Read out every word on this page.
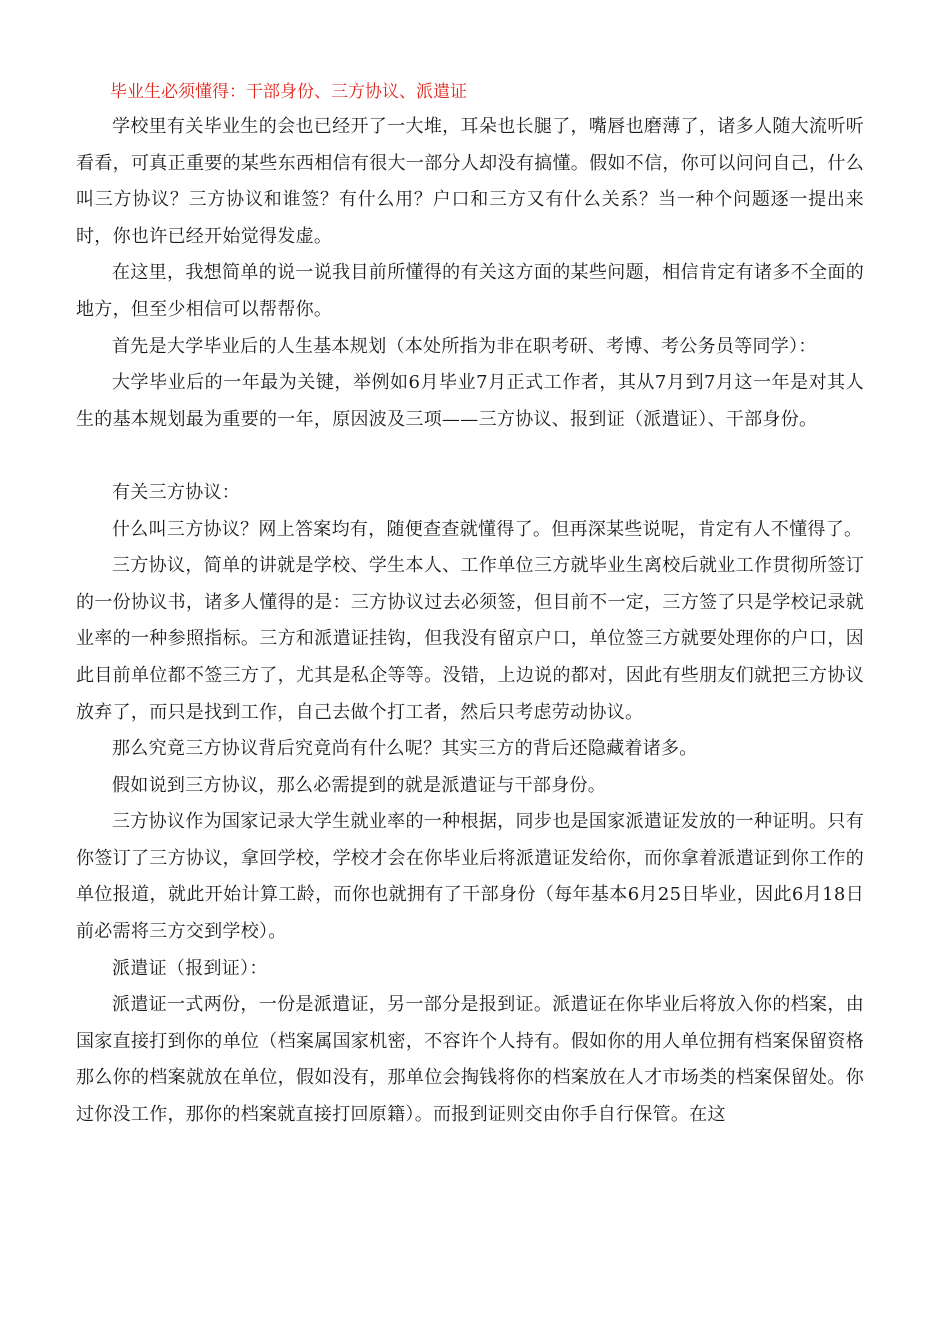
毕业生必须懂得：干部身份、三方协议、派遣证

学校里有关毕业生的会也已经开了一大堆，耳朵也长腿了，嘴唇也磨薄了，诸多人随大流听听看看，可真正重要的某些东西相信有很大一部分人却没有搞懂。假如不信，你可以问问自己，什么叫三方协议？三方协议和谁签？有什么用？户口和三方又有什么关系？当一种个问题逐一提出来时，你也许已经开始觉得发虚。

在这里，我想简单的说一说我目前所懂得的有关这方面的某些问题，相信肯定有诸多不全面的地方，但至少相信可以帮帮你。

首先是大学毕业后的人生基本规划（本处所指为非在职考研、考博、考公务员等同学）：

大学毕业后的一年最为关键，举例如6月毕业7月正式工作者，其从7月到7月这一年是对其人生的基本规划最为重要的一年，原因波及三项——三方协议、报到证（派遣证）、干部身份。

有关三方协议：

什么叫三方协议？网上答案均有，随便查查就懂得了。但再深某些说呢，肯定有人不懂得了。

三方协议，简单的讲就是学校、学生本人、工作单位三方就毕业生离校后就业工作贯彻所签订的一份协议书，诸多人懂得的是：三方协议过去必须签，但目前不一定，三方签了只是学校记录就业率的一种参照指标。三方和派遣证挂钩，但我没有留京户口，单位签三方就要处理你的户口，因此目前单位都不签三方了，尤其是私企等等。没错，上边说的都对，因此有些朋友们就把三方协议放弃了，而只是找到工作，自己去做个打工者，然后只考虑劳动协议。

那么究竟三方协议背后究竟尚有什么呢？其实三方的背后还隐藏着诸多。

假如说到三方协议，那么必需提到的就是派遣证与干部身份。

三方协议作为国家记录大学生就业率的一种根据，同步也是国家派遣证发放的一种证明。只有你签订了三方协议，拿回学校，学校才会在你毕业后将派遣证发给你，而你拿着派遣证到你工作的单位报道，就此开始计算工龄，而你也就拥有了干部身份（每年基本6月25日毕业，因此6月18日前必需将三方交到学校）。

派遣证（报到证）：

派遣证一式两份，一份是派遣证，另一部分是报到证。派遣证在你毕业后将放入你的档案，由国家直接打到你的单位（档案属国家机密，不容许个人持有。假如你的用人单位拥有档案保留资格那么你的档案就放在单位，假如没有，那单位会掏钱将你的档案放在人才市场类的档案保留处。你过你没工作，那你的档案就直接打回原籍）。而报到证则交由你手自行保管。在这
